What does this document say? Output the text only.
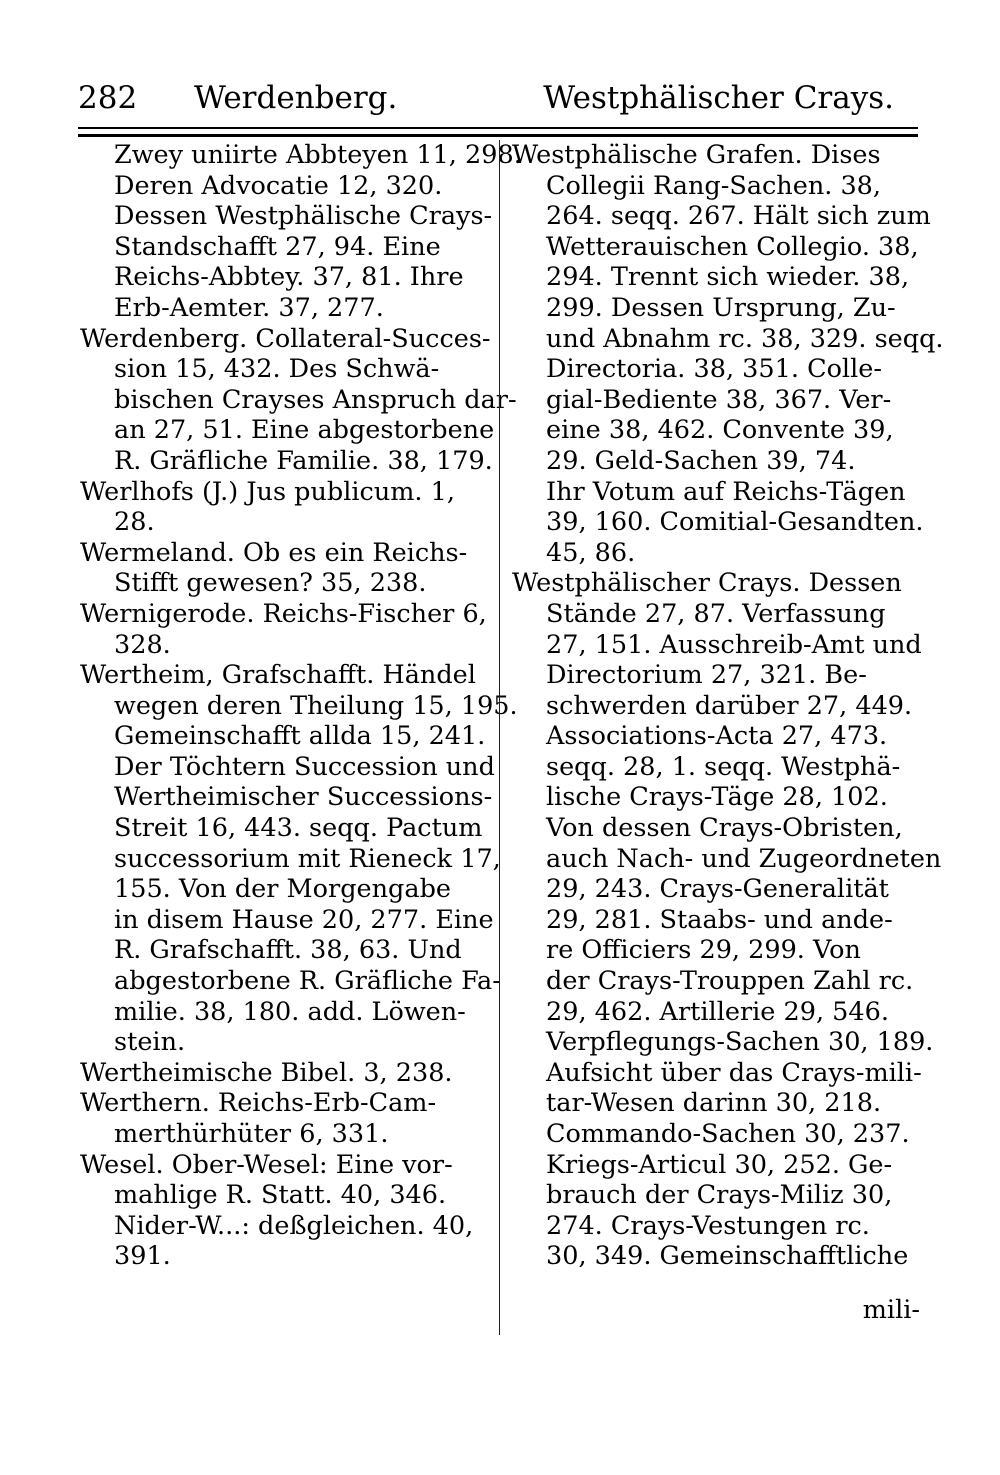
282 Werdenberg.	Westphälischer Crays.
Zwey uniirte Abbteyen 11, 298.
Deren Advocatie 12, 320.
Dessen Westphälische Crays-
Standschafft 27, 94. Eine
Reichs-Abbtey. 37, 81. Ihre
Erb-Aemter. 37, 277.
Werdenberg. Collateral-Succes-
sion 15, 432. Des Schwä-
bischen Crayses Anspruch dar-
an 27, 51. Eine abgestorbene
R. Gräfliche Familie. 38, 179.
Werlhofs (J.) Jus publicum. 1,
28.
Wermeland. Ob es ein Reichs-
Stifft gewesen? 35, 238.
Wernigerode. Reichs-Fischer 6,
328.
Wertheim, Grafschafft. Händel
wegen deren Theilung 15, 195.
Gemeinschafft allda 15, 241.
Der Töchtern Succession und
Wertheimischer Successions-
Streit 16, 443. seqq. Pactum
successorium mit Rieneck 17,
155. Von der Morgengabe
in disem Hause 20, 277. Eine
R. Grafschafft. 38, 63. Und
abgestorbene R. Gräfliche Fa-
milie. 38, 180. add. Löwen-
stein.
Wertheimische Bibel. 3, 238.
Werthern. Reichs-Erb-Cam-
merthürhüter 6, 331.
Wesel. Ober-Wesel: Eine vor-
mahlige R. Statt. 40, 346.
Nider-W...: deßgleichen. 40,
391.
Westphälische Grafen. Dises
Collegii Rang-Sachen. 38,
264. seqq. 267. Hält sich zum
Wetterauischen Collegio. 38,
294. Trennt sich wieder. 38,
299. Dessen Ursprung, Zu-
und Abnahm rc. 38, 329. seqq.
Directoria. 38, 351. Colle-
gial-Bediente 38, 367. Ver-
eine 38, 462. Convente 39,
29. Geld-Sachen 39, 74.
Ihr Votum auf Reichs-Tägen
39, 160. Comitial-Gesandten.
45, 86.
Westphälischer Crays. Dessen
Stände 27, 87. Verfassung
27, 151. Ausschreib-Amt und
Directorium 27, 321. Be-
schwerden darüber 27, 449.
Associations-Acta 27, 473.
seqq. 28, 1. seqq. Westphä-
lische Crays-Täge 28, 102.
Von dessen Crays-Obristen,
auch Nach- und Zugeordneten
29, 243. Crays-Generalität
29, 281. Staabs- und ande-
re Officiers 29, 299. Von
der Crays-Trouppen Zahl rc.
29, 462. Artillerie 29, 546.
Verpflegungs-Sachen 30, 189.
Aufsicht über das Crays-mili-
tar-Wesen darinn 30, 218.
Commando-Sachen 30, 237.
Kriegs-Articul 30, 252. Ge-
brauch der Crays-Miliz 30,
274. Crays-Vestungen rc.
30, 349. Gemeinschafftliche
mili-
